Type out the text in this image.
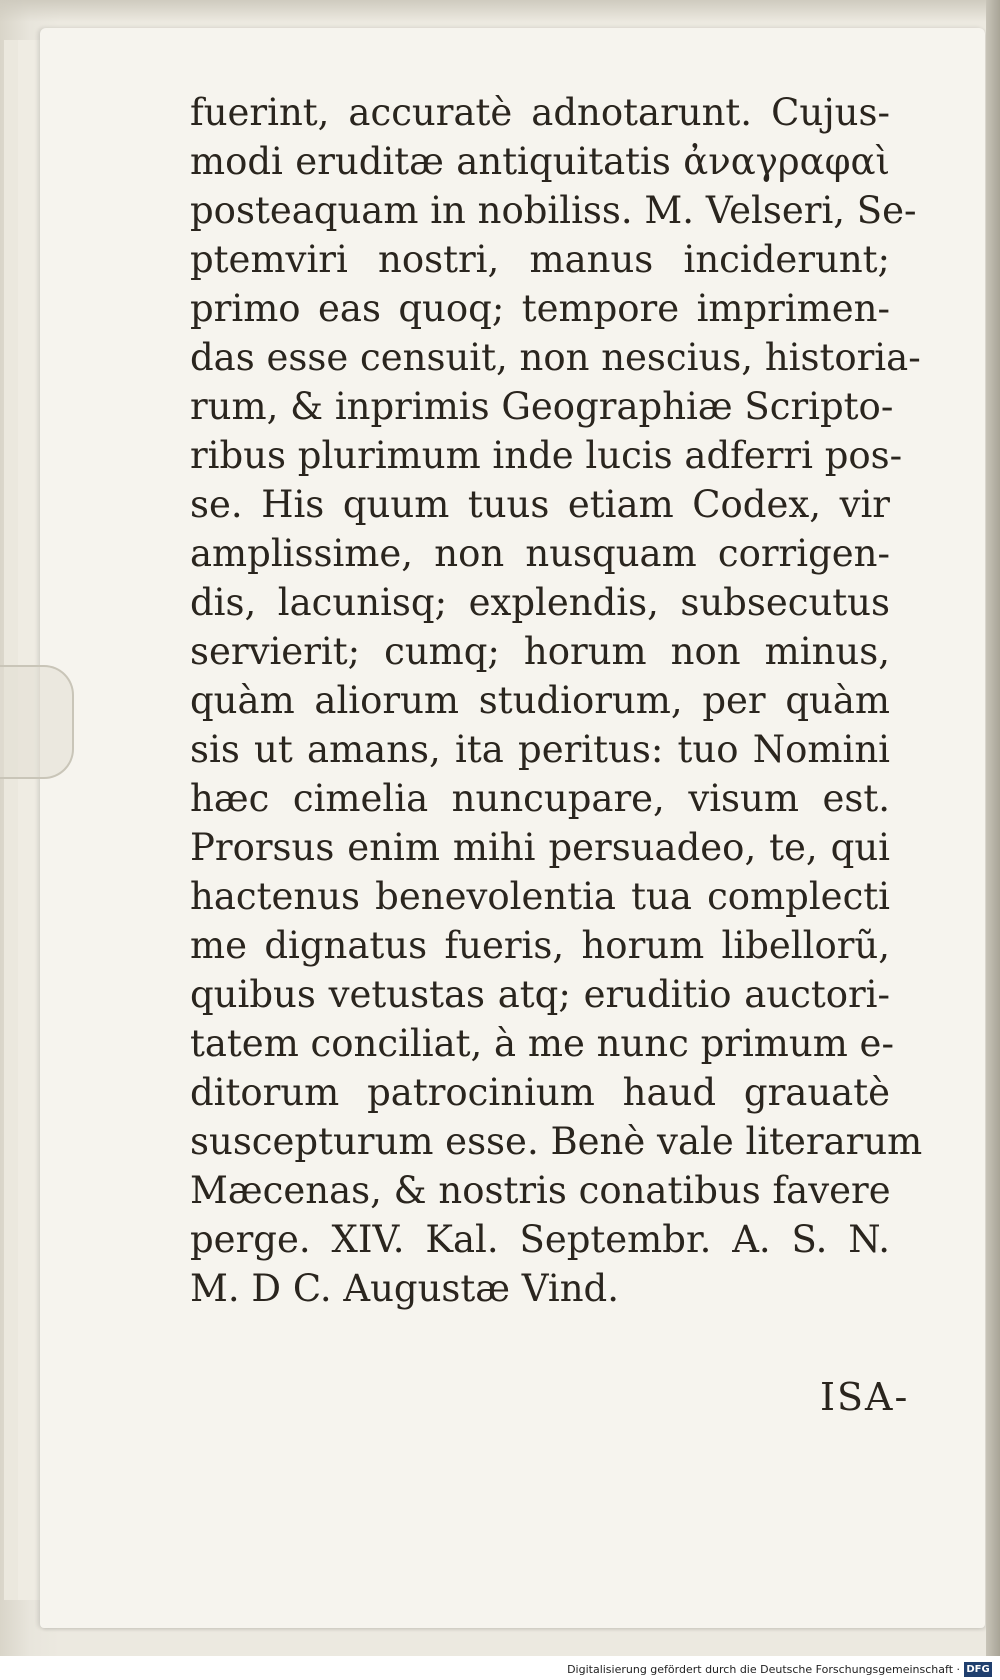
fuerint, accuratè adnotarunt. Cujus-
modi eruditæ antiquitatis ἀναγραφαὶ
posteaquam in nobiliss. M. Velseri, Se-
ptemviri nostri, manus inciderunt;
primo eas quoq; tempore imprimen-
das esse censuit, non nescius, historia-
rum, & inprimis Geographiæ Scripto-
ribus plurimum inde lucis adferri pos-
se. His quum tuus etiam Codex, vir
amplissime, non nusquam corrigen-
dis, lacunisq; explendis, subsecutus
servierit; cumq; horum non minus,
quàm aliorum studiorum, per quàm
sis ut amans, ita peritus: tuo Nomini
hæc cimelia nuncupare, visum est.
Prorsus enim mihi persuadeo, te, qui
hactenus benevolentia tua complecti
me dignatus fueris, horum libellorũ,
quibus vetustas atq; eruditio auctori-
tatem conciliat, à me nunc primum e-
ditorum patrocinium haud grauatè
suscepturum esse. Benè vale literarum
Mæcenas, & nostris conatibus favere
perge. XIV. Kal. Septembr. A. S. N.
M. D C. Augustæ Vind.
ISA-
Digitalisierung gefördert durch die Deutsche Forschungsgemeinschaft · DFG
